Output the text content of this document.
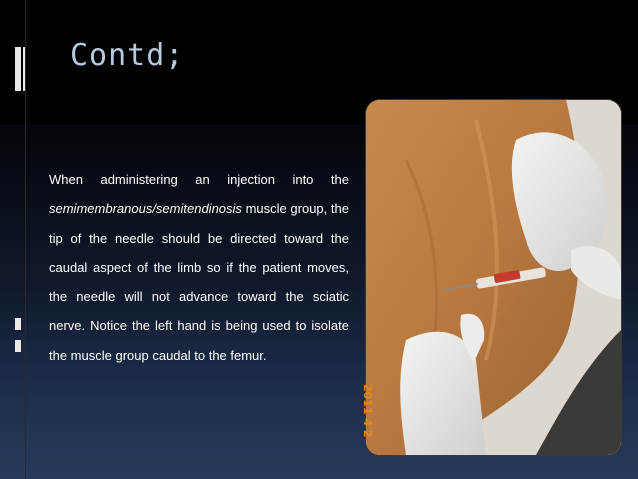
Contd;
When administering an injection into the semimembranous/semitendinosis muscle group, the tip of the needle should be directed toward the caudal aspect of the limb so if the patient moves, the needle will not advance toward the sciatic nerve. Notice the left hand is being used to isolate the muscle group caudal to the femur.
2011 4 2
